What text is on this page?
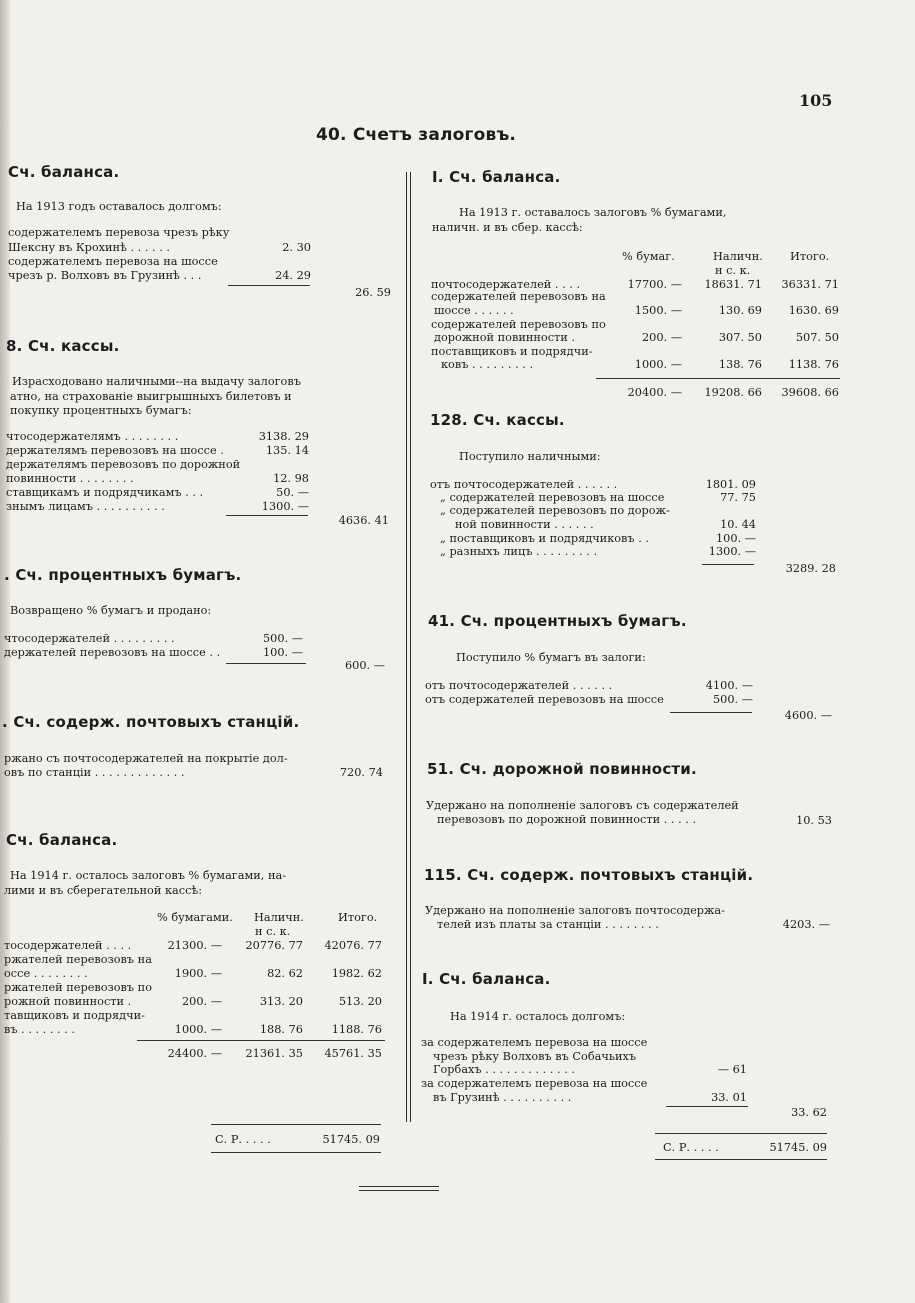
105
40. Счетъ залоговъ.
Сч. баланса.
На 1913 годъ оставалось долгомъ:
содержателемъ перевоза чрезъ рѣку
Шексну въ Крохинѣ . . . . . .	2. 30
содержателемъ перевоза на шоссе
чрезъ р. Волховъ въ Грузинѣ . . .	24. 29
26. 59
8. Сч. кассы.
Израсходовано наличными--на выдачу залоговъ
атно, на страхованіе выигрышныхъ билетовъ и
покупку процентныхъ бумагъ:
чтосодержателямъ . . . . . . . .	3138. 29
держателямъ перевозовъ на шоссе .	135. 14
держателямъ перевозовъ по дорожной
повинности . . . . . . . .	12. 98
ставщикамъ и подрядчикамъ . . .	50. —
знымъ лицамъ . . . . . . . . . .	1300. —
4636. 41
. Сч. процентныхъ бумагъ.
Возвращено % бумагъ и продано:
чтосодержателей . . . . . . . . .	500. —
держателей перевозовъ на шоссе . .	100. —
600. —
. Сч. содерж. почтовыхъ станцій.
ржано съ почтосодержателей на покрытіе дол-
овъ по станціи . . . . . . . . . . . . .	720. 74
Сч. баланса.
На 1914 г. осталось залоговъ % бумагами, на-
лими и въ сберегательной кассѣ:
% бумагами. Наличн.
н с. к.
Итого.
тосодержателей . . . .	21300. — 20776. 77 42076. 77
ржателей перевозовъ на
оссе . . . . . . . .	1900. —	82. 62	1982. 62
ржателей перевозовъ по
рожной повинности .	200. —	313. 20	513. 20
тавщиковъ и подрядчи-
въ . . . . . . . .	1000. —	188. 76	1188. 76
24400. — 21361. 35 45761. 35
С. Р. . . . .	51745. 09
I. Сч. баланса.
На 1913 г. оставалось залоговъ % бумагами,
наличн. и въ сбер. кассѣ:
% бумаг.	Наличн.
н с. к.
Итого.
почтосодержателей . . . .	17700. — 18631. 71 36331. 71
содержателей перевозовъ на
шоссе . . . . . .	1500. —	130. 69 1630. 69
содержателей перевозовъ по
дорожной повинности .	200. —	307. 50	507. 50
поставщиковъ и подрядчи-
ковъ . . . . . . . . .	1000. —	138. 76 1138. 76
20400. — 19208. 66 39608. 66
128. Сч. кассы.
Поступило наличными:
отъ почтосодержателей . . . . . .	1801. 09
„ содержателей перевозовъ на шоссе	77. 75
„ содержателей перевозовъ по дорож-
ной повинности . . . . . .	10. 44
„ поставщиковъ и подрядчиковъ . .	100. —
„ разныхъ лицъ . . . . . . . . .	1300. —
3289. 28
41. Сч. процентныхъ бумагъ.
Поступило % бумагъ въ залоги:
отъ почтосодержателей . . . . . .	4100. —
отъ содержателей перевозовъ на шоссе	500. —
4600. —
51. Сч. дорожной повинности.
Удержано на пополненіе залоговъ съ содержателей
перевозовъ по дорожной повинности . . . . .	10. 53
115. Сч. содерж. почтовыхъ станцій.
Удержано на пополненіе залоговъ почтосодержа-
телей изъ платы за станціи . . . . . . . .	4203. —
I. Сч. баланса.
На 1914 г. осталось долгомъ:
за содержателемъ перевоза на шоссе
чрезъ рѣку Волховъ въ Собачьихъ
Горбахъ . . . . . . . . . . . . .	— 61
за содержателемъ перевоза на шоссе
въ Грузинѣ . . . . . . . . . .	33. 01
33. 62
С. Р. . . . .	51745. 09
